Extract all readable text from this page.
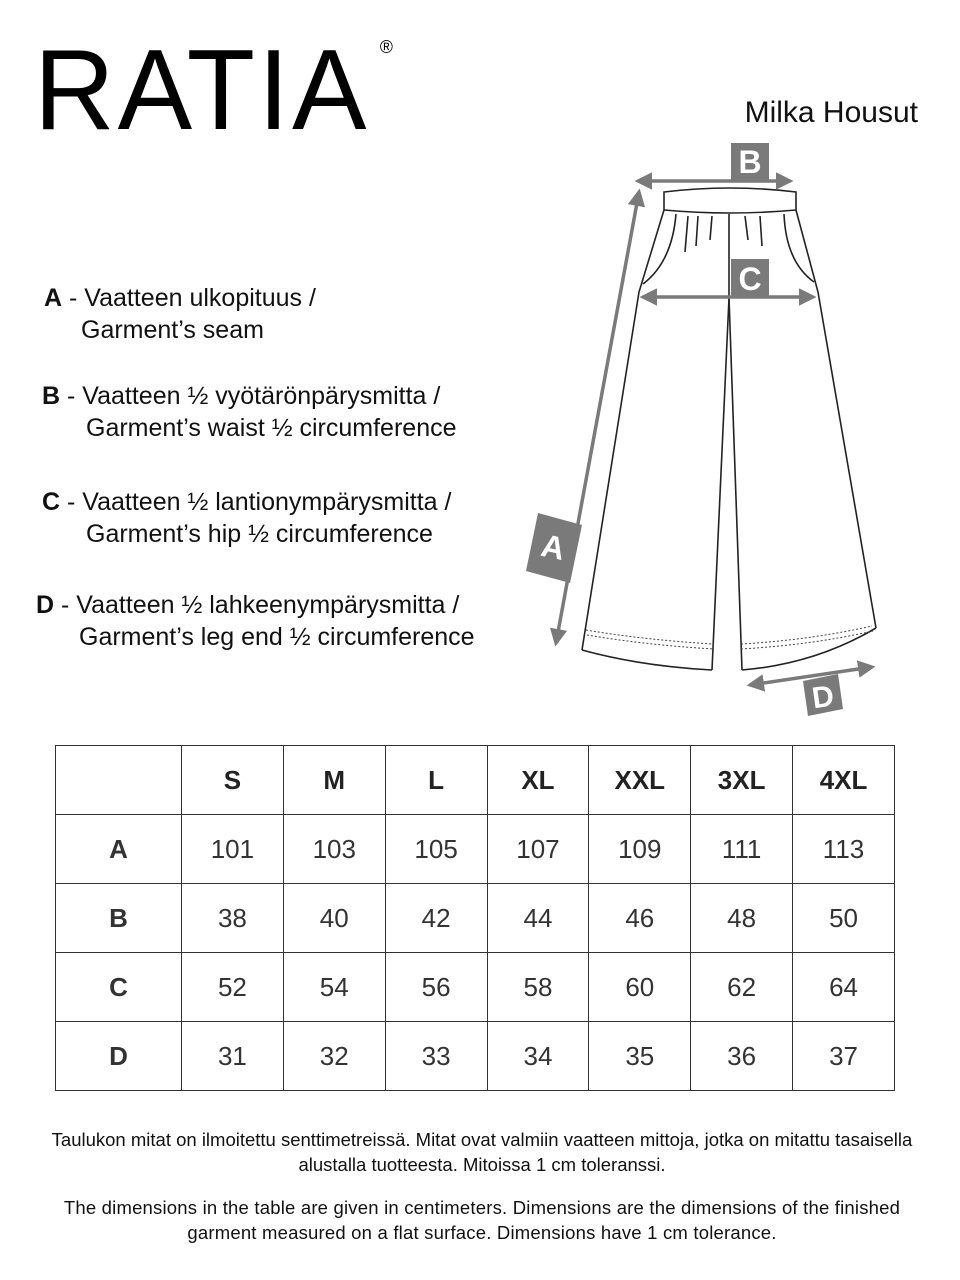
RATIA ®
Milka Housut
A - Vaatteen ulkopituus /
Garment’s seam
B - Vaatteen ½ vyötärönpärysmitta /
Garment’s waist ½ circumference
C - Vaatteen ½ lantionympärysmitta /
Garment’s hip ½ circumference
D - Vaatteen ½ lahkeenympärysmitta /
Garment’s leg end ½ circumference
A
B
C
D
	S	M	L	XL	XXL	3XL	4XL
A	101	103	105	107	109	111	113
B	38	40	42	44	46	48	50
C	52	54	56	58	60	62	64
D	31	32	33	34	35	36	37
Taulukon mitat on ilmoitettu senttimetreissä. Mitat ovat valmiin vaatteen mittoja, jotka on mitattu tasaisella alustalla tuotteesta. Mitoissa 1 cm toleranssi.
The dimensions in the table are given in centimeters. Dimensions are the dimensions of the finished garment measured on a flat surface. Dimensions have 1 cm tolerance.
